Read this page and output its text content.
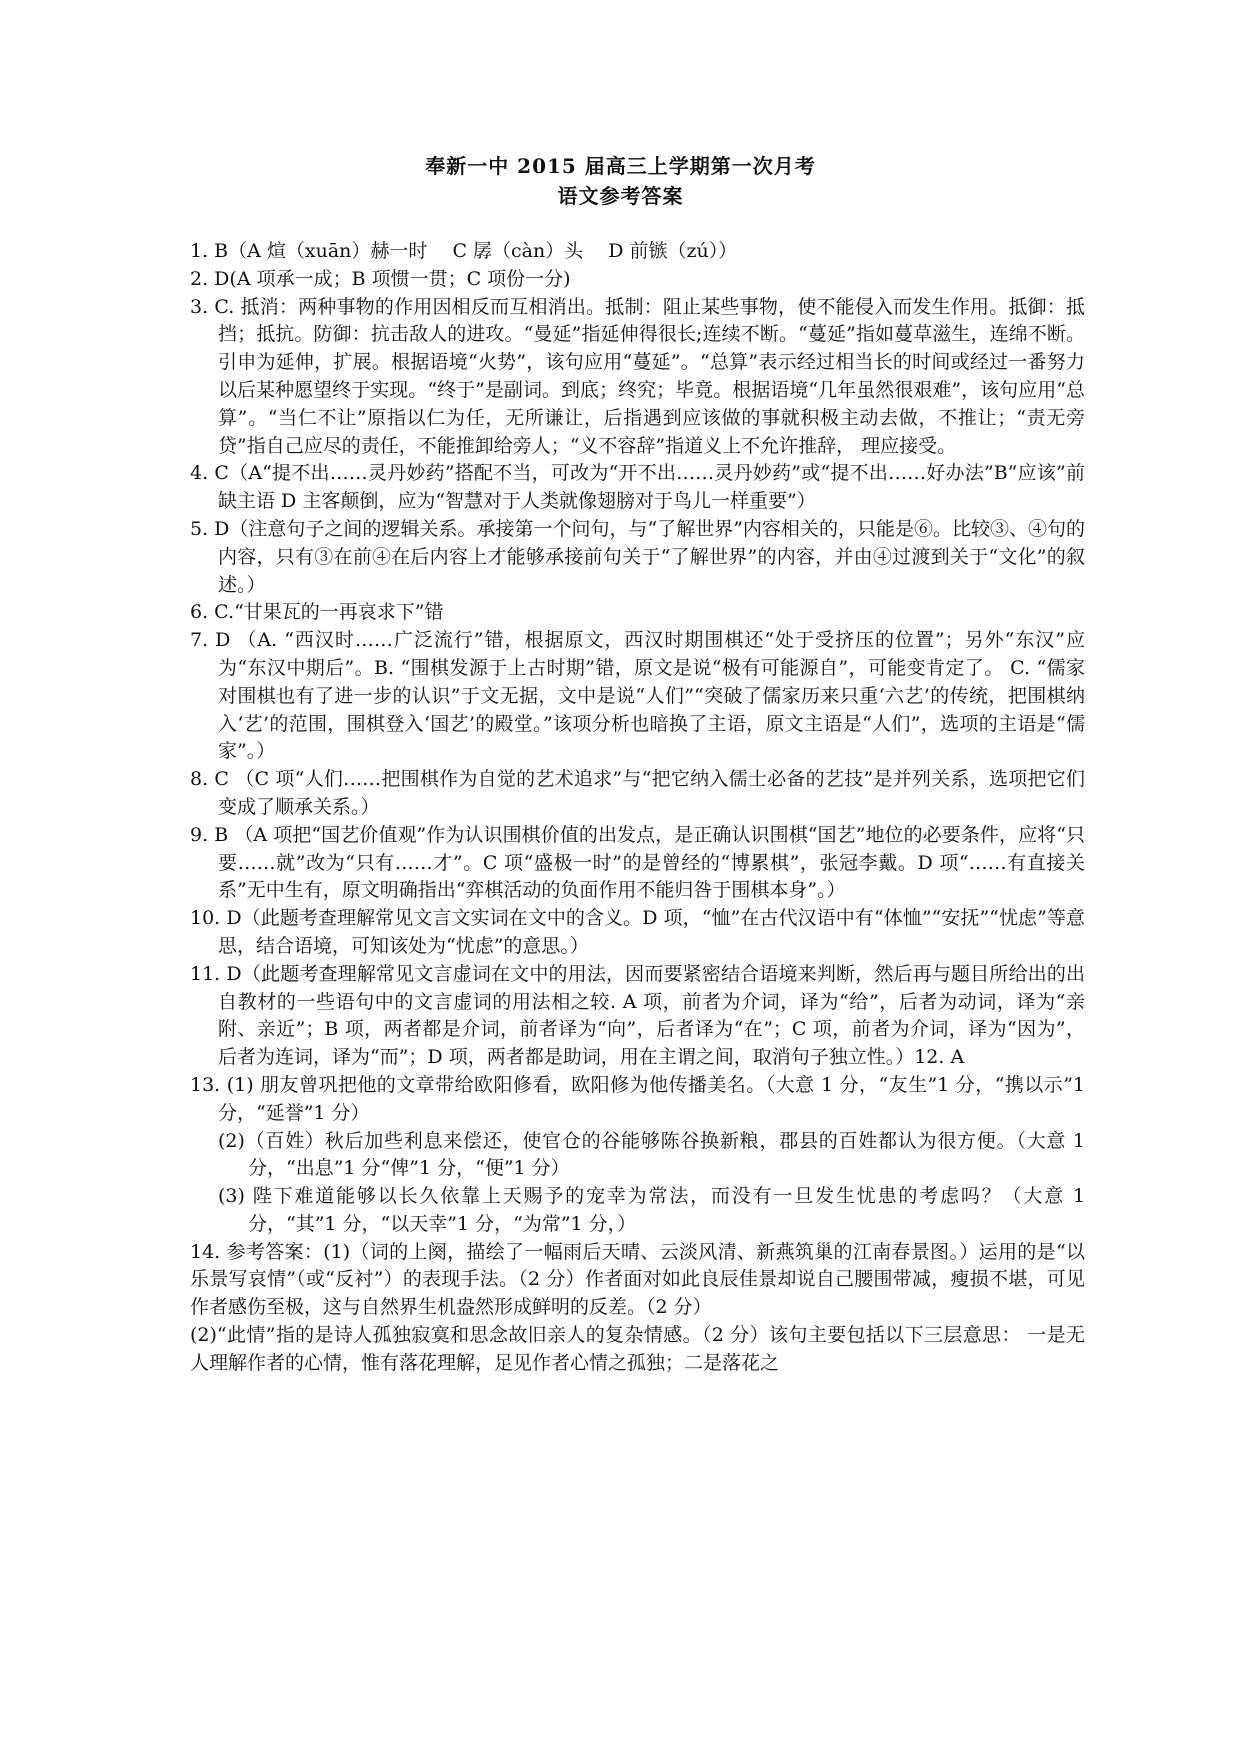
奉新一中 2015 届高三上学期第一次月考
语文参考答案

1. B（A 煊（xuān）赫一时　 C 孱（càn）头　 D 前镞（zú））

2. D(A 项承一成；B 项惯一贯；C 项份一分)

3. C. 抵消：两种事物的作用因相反而互相消出。抵制：阻止某些事物，使不能侵入而发生作用。抵御：抵挡；抵抗。防御：抗击敌人的进攻。“曼延”指延伸得很长;连续不断。“蔓延”指如蔓草滋生，连绵不断。引申为延伸，扩展。根据语境“火势”，该句应用“蔓延”。“总算”表示经过相当长的时间或经过一番努力以后某种愿望终于实现。“终于”是副词。到底；终究；毕竟。根据语境“几年虽然很艰难”，该句应用“总算”。“当仁不让”原指以仁为任，无所谦让，后指遇到应该做的事就积极主动去做，不推让；“责无旁贷”指自己应尽的责任，不能推卸给旁人；“义不容辞”指道义上不允许推辞， 理应接受。

4. C（A“提不出……灵丹妙药”搭配不当，可改为“开不出……灵丹妙药”或“提不出……好办法”B“应该”前缺主语 D 主客颠倒，应为“智慧对于人类就像翅膀对于鸟儿一样重要”）

5. D（注意句子之间的逻辑关系。承接第一个问句，与“了解世界”内容相关的，只能是⑥。比较③、④句的内容，只有③在前④在后内容上才能够承接前句关于“了解世界”的内容，并由④过渡到关于“文化”的叙述。）

6. C.“甘果瓦的一再哀求下”错

7. D （A. “西汉时……广泛流行”错，根据原文，西汉时期围棋还“处于受挤压的位置”；另外“东汉”应为“东汉中期后”。B. “围棋发源于上古时期”错，原文是说“极有可能源自”，可能变肯定了。 C. “儒家对围棋也有了进一步的认识”于文无据，文中是说“人们”“突破了儒家历来只重‘六艺’的传统，把围棋纳入‘艺’的范围，围棋登入‘国艺’的殿堂。”该项分析也暗换了主语，原文主语是“人们”，选项的主语是“儒家”。）

8. C （C 项“人们……把围棋作为自觉的艺术追求”与“把它纳入儒士必备的艺技”是并列关系，选项把它们变成了顺承关系。）

9. B （A 项把“国艺价值观”作为认识围棋价值的出发点，是正确认识围棋“国艺”地位的必要条件，应将“只要……就”改为“只有……才”。C 项“盛极一时”的是曾经的“博累棋”，张冠李戴。D 项“……有直接关系”无中生有，原文明确指出“弈棋活动的负面作用不能归咎于围棋本身”。）

10. D（此题考查理解常见文言文实词在文中的含义。D 项，“恤”在古代汉语中有“体恤”“安抚”“忧虑”等意思，结合语境，可知该处为“忧虑”的意思。）

11. D（此题考查理解常见文言虚词在文中的用法，因而要紧密结合语境来判断，然后再与题目所给出的出自教材的一些语句中的文言虚词的用法相之较. A 项，前者为介词，译为“给”，后者为动词，译为“亲附、亲近”；B 项，两者都是介词，前者译为“向”，后者译为“在”；C 项，前者为介词，译为“因为”，后者为连词，译为“而”；D 项，两者都是助词，用在主谓之间，取消句子独立性。）12. A

13. (1) 朋友曾巩把他的文章带给欧阳修看，欧阳修为他传播美名。（大意 1 分，“友生”1 分，“携以示”1 分，“延誉”1 分）

(2)（百姓）秋后加些利息来偿还，使官仓的谷能够陈谷换新粮，郡县的百姓都认为很方便。（大意 1 分，“出息”1 分“俾”1 分，“便”1 分）

(3) 陛下难道能够以长久依靠上天赐予的宠幸为常法，而没有一旦发生忧患的考虑吗？（大意 1 分，“其”1 分，“以天幸”1 分，“为常”1 分，）

14. 参考答案：(1)（词的上阕，描绘了一幅雨后天晴、云淡风清、新燕筑巢的江南春景图。）运用的是“以乐景写哀情”（或“反衬”）的表现手法。（2 分）作者面对如此良辰佳景却说自己腰围带减，瘦损不堪，可见作者感伤至极，这与自然界生机盎然形成鲜明的反差。（2 分）

(2)“此情”指的是诗人孤独寂寞和思念故旧亲人的复杂情感。（2 分）该句主要包括以下三层意思： 一是无人理解作者的心情，惟有落花理解，足见作者心情之孤独；二是落花之
